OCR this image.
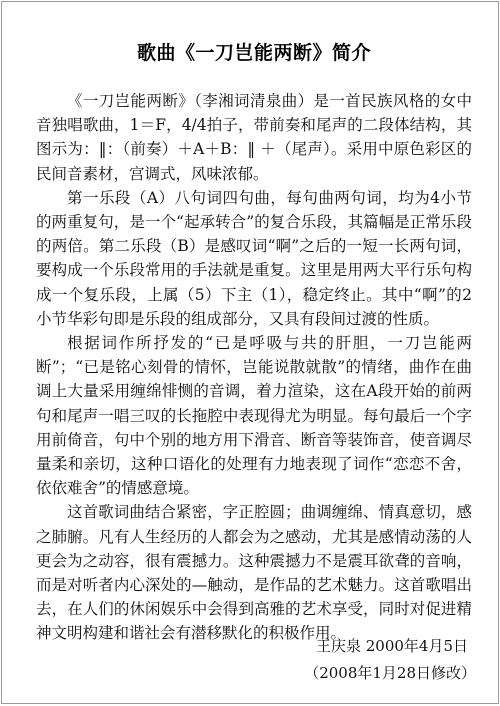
歌曲《一刀岂能两断》简介

《一刀岂能两断》（李湘词清泉曲）是一首民族风格的女中音独唱歌曲，1＝F，4/4拍子，带前奏和尾声的二段体结构，其图示为：‖：（前奏）＋A＋B：‖ ＋（尾声）。采用中原色彩区的民间音素材，宫调式，风味浓郁。

第一乐段（A）八句词四句曲，每句曲两句词，均为4小节的两重复句，是一个“起承转合”的复合乐段，其篇幅是正常乐段的两倍。第二乐段（B）是感叹词“啊”之后的一短一长两句词，要构成一个乐段常用的手法就是重复。这里是用两大平行乐句构成一个复乐段，上属（5）下主（1），稳定终止。其中“啊”的2小节华彩句即是乐段的组成部分，又具有段间过渡的性质。

根据词作所抒发的“已是呼吸与共的肝胆，一刀岂能两断”；“已是铭心刻骨的情怀，岂能说散就散”的情绪，曲作在曲调上大量采用缠绵悱恻的音调，着力渲染，这在A段开始的前两句和尾声一唱三叹的长拖腔中表现得尤为明显。每句最后一个字用前倚音，句中个别的地方用下滑音、断音等装饰音，使音调尽量柔和亲切，这种口语化的处理有力地表现了词作“恋恋不舍，依依难舍”的情感意境。

这首歌词曲结合紧密，字正腔圆；曲调缠绵、情真意切，感之肺腑。凡有人生经历的人都会为之感动，尤其是感情动荡的人更会为之动容，很有震撼力。这种震撼力不是震耳欲聋的音响，而是对听者内心深处的—触动，是作品的艺术魅力。这首歌唱出去，在人们的休闲娱乐中会得到高雅的艺术享受，同时对促进精神文明构建和谐社会有潜移默化的积极作用。

王庆泉 2000年4月5日
（2008年1月28日修改）
